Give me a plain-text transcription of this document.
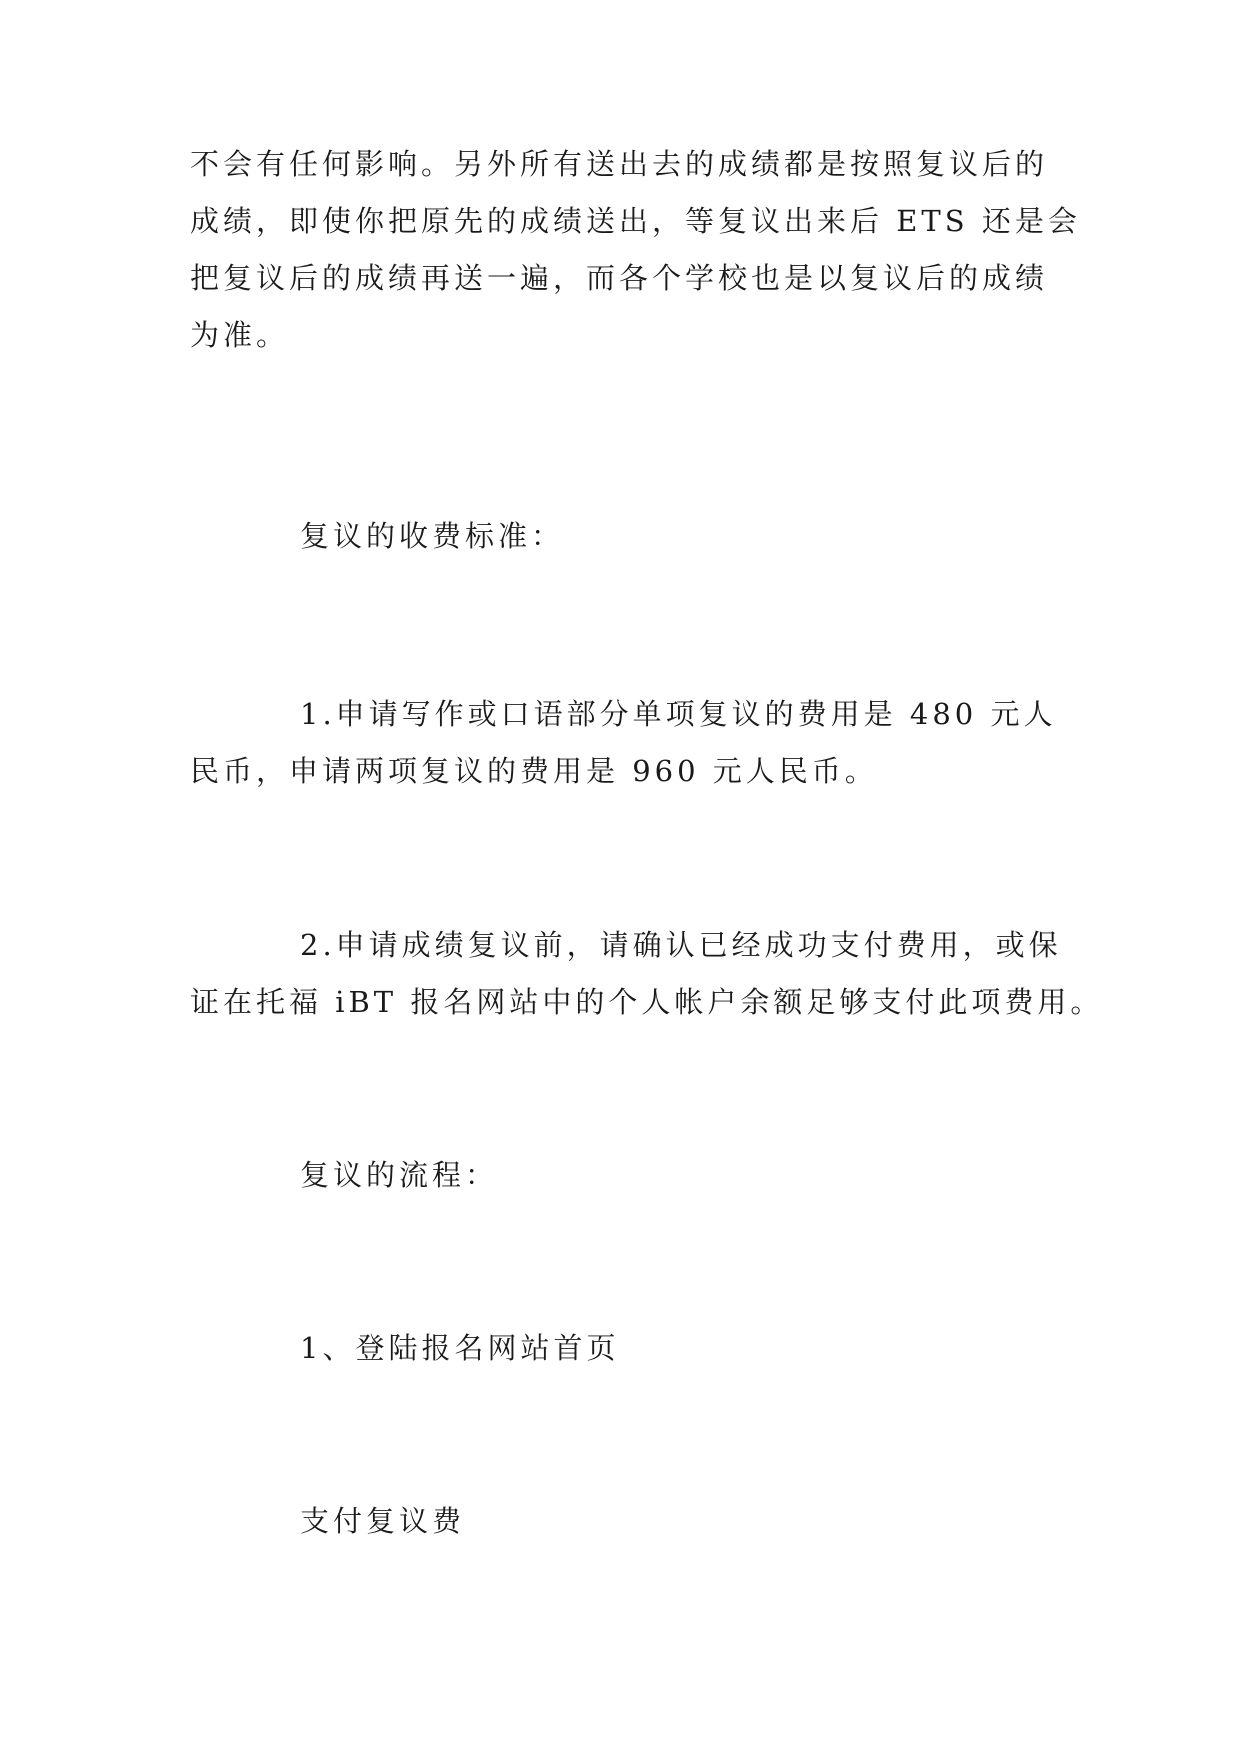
不会有任何影响。另外所有送出去的成绩都是按照复议后的
成绩，即使你把原先的成绩送出，等复议出来后 ETS 还是会
把复议后的成绩再送一遍，而各个学校也是以复议后的成绩
为准。

复议的收费标准：

1.申请写作或口语部分单项复议的费用是 480 元人
民币，申请两项复议的费用是 960 元人民币。

2.申请成绩复议前，请确认已经成功支付费用，或保
证在托福 iBT 报名网站中的个人帐户余额足够支付此项费用。

复议的流程：

1、登陆报名网站首页

支付复议费
